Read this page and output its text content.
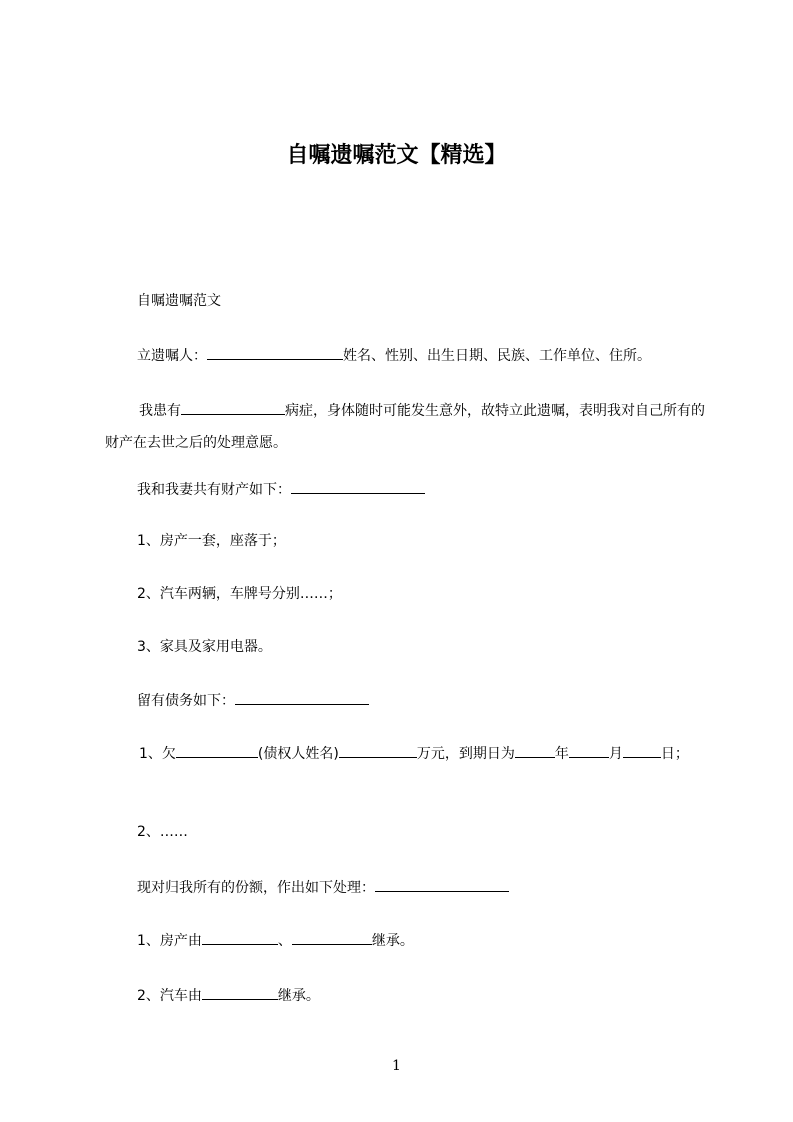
自嘱遗嘱范文【精选】
自嘱遗嘱范文
立遗嘱人：	姓名、性别、出生日期、民族、工作单位、住所。
我患有	病症，身体随时可能发生意外，故特立此遗嘱，表明我对自己所有的财产在去世之后的处理意愿。
我和我妻共有财产如下：
1、房产一套，座落于；
2、汽车两辆，车牌号分别……；
3、家具及家用电器。
留有债务如下：
1、欠	(债权人姓名)	万元，到期日为	年	月	日；
2、……
现对归我所有的份额，作出如下处理：
1、房产由	、	继承。
2、汽车由	继承。
1
